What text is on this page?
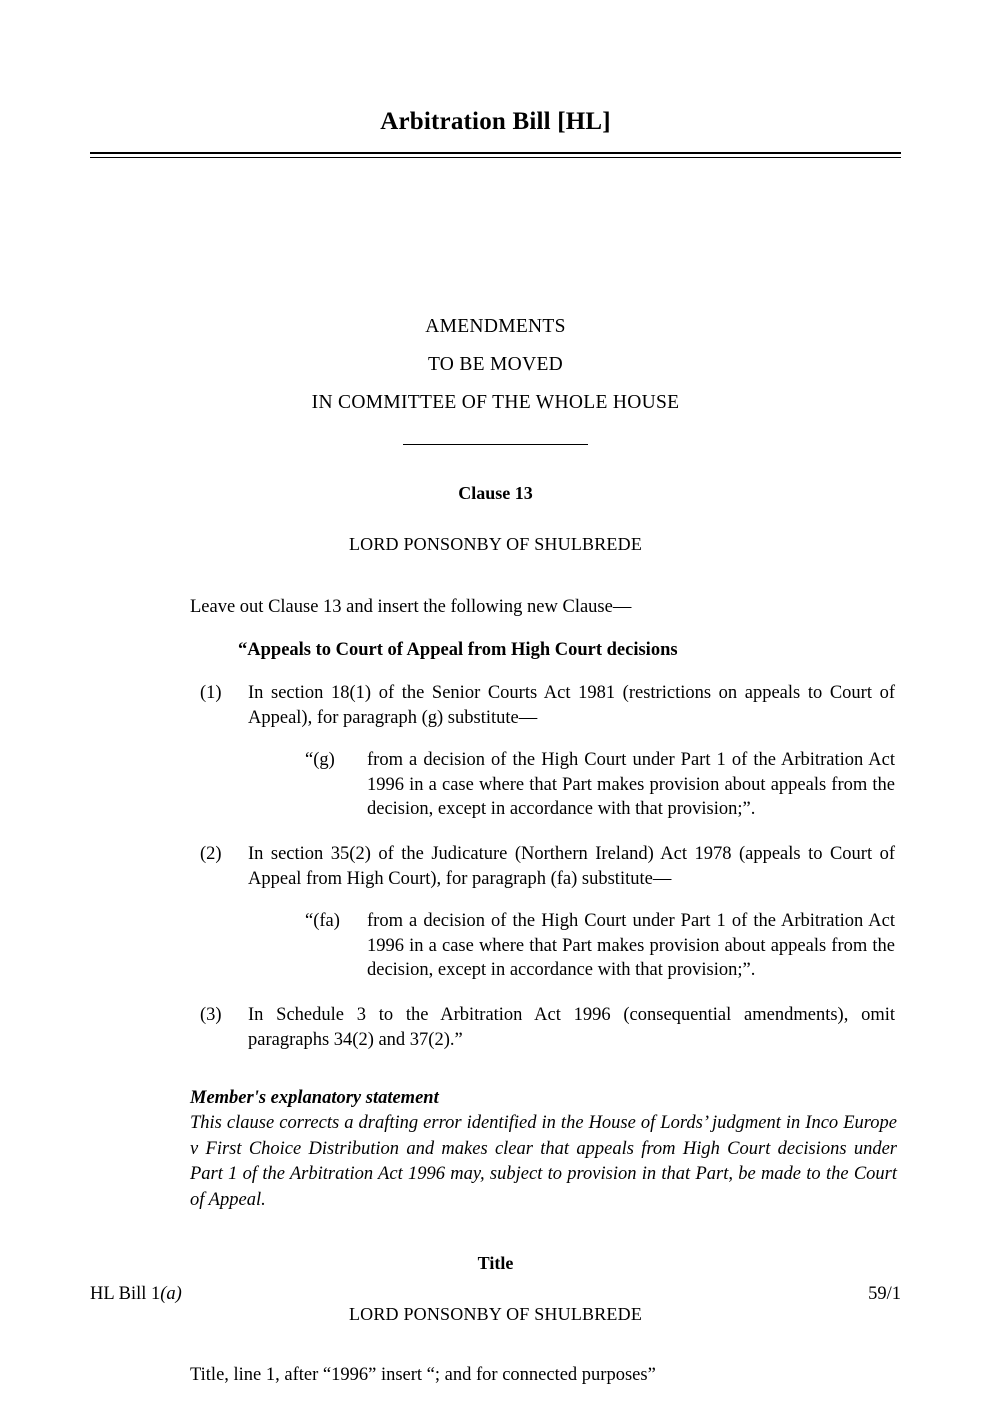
Arbitration Bill [HL]
AMENDMENTS
TO BE MOVED
IN COMMITTEE OF THE WHOLE HOUSE
Clause 13
LORD PONSONBY OF SHULBREDE
Leave out Clause 13 and insert the following new Clause—
“Appeals to Court of Appeal from High Court decisions
(1)	In section 18(1) of the Senior Courts Act 1981 (restrictions on appeals to Court of Appeal), for paragraph (g) substitute—
“(g)	from a decision of the High Court under Part 1 of the Arbitration Act 1996 in a case where that Part makes provision about appeals from the decision, except in accordance with that provision;”.
(2)	In section 35(2) of the Judicature (Northern Ireland) Act 1978 (appeals to Court of Appeal from High Court), for paragraph (fa) substitute—
“(fa)	from a decision of the High Court under Part 1 of the Arbitration Act 1996 in a case where that Part makes provision about appeals from the decision, except in accordance with that provision;”.
(3)	In Schedule 3 to the Arbitration Act 1996 (consequential amendments), omit paragraphs 34(2) and 37(2).”
Member's explanatory statement
This clause corrects a drafting error identified in the House of Lords’ judgment in Inco Europe v First Choice Distribution and makes clear that appeals from High Court decisions under Part 1 of the Arbitration Act 1996 may, subject to provision in that Part, be made to the Court of Appeal.
Title
LORD PONSONBY OF SHULBREDE
Title, line 1, after “1996” insert “; and for connected purposes”
HL Bill 1(a)	59/1
